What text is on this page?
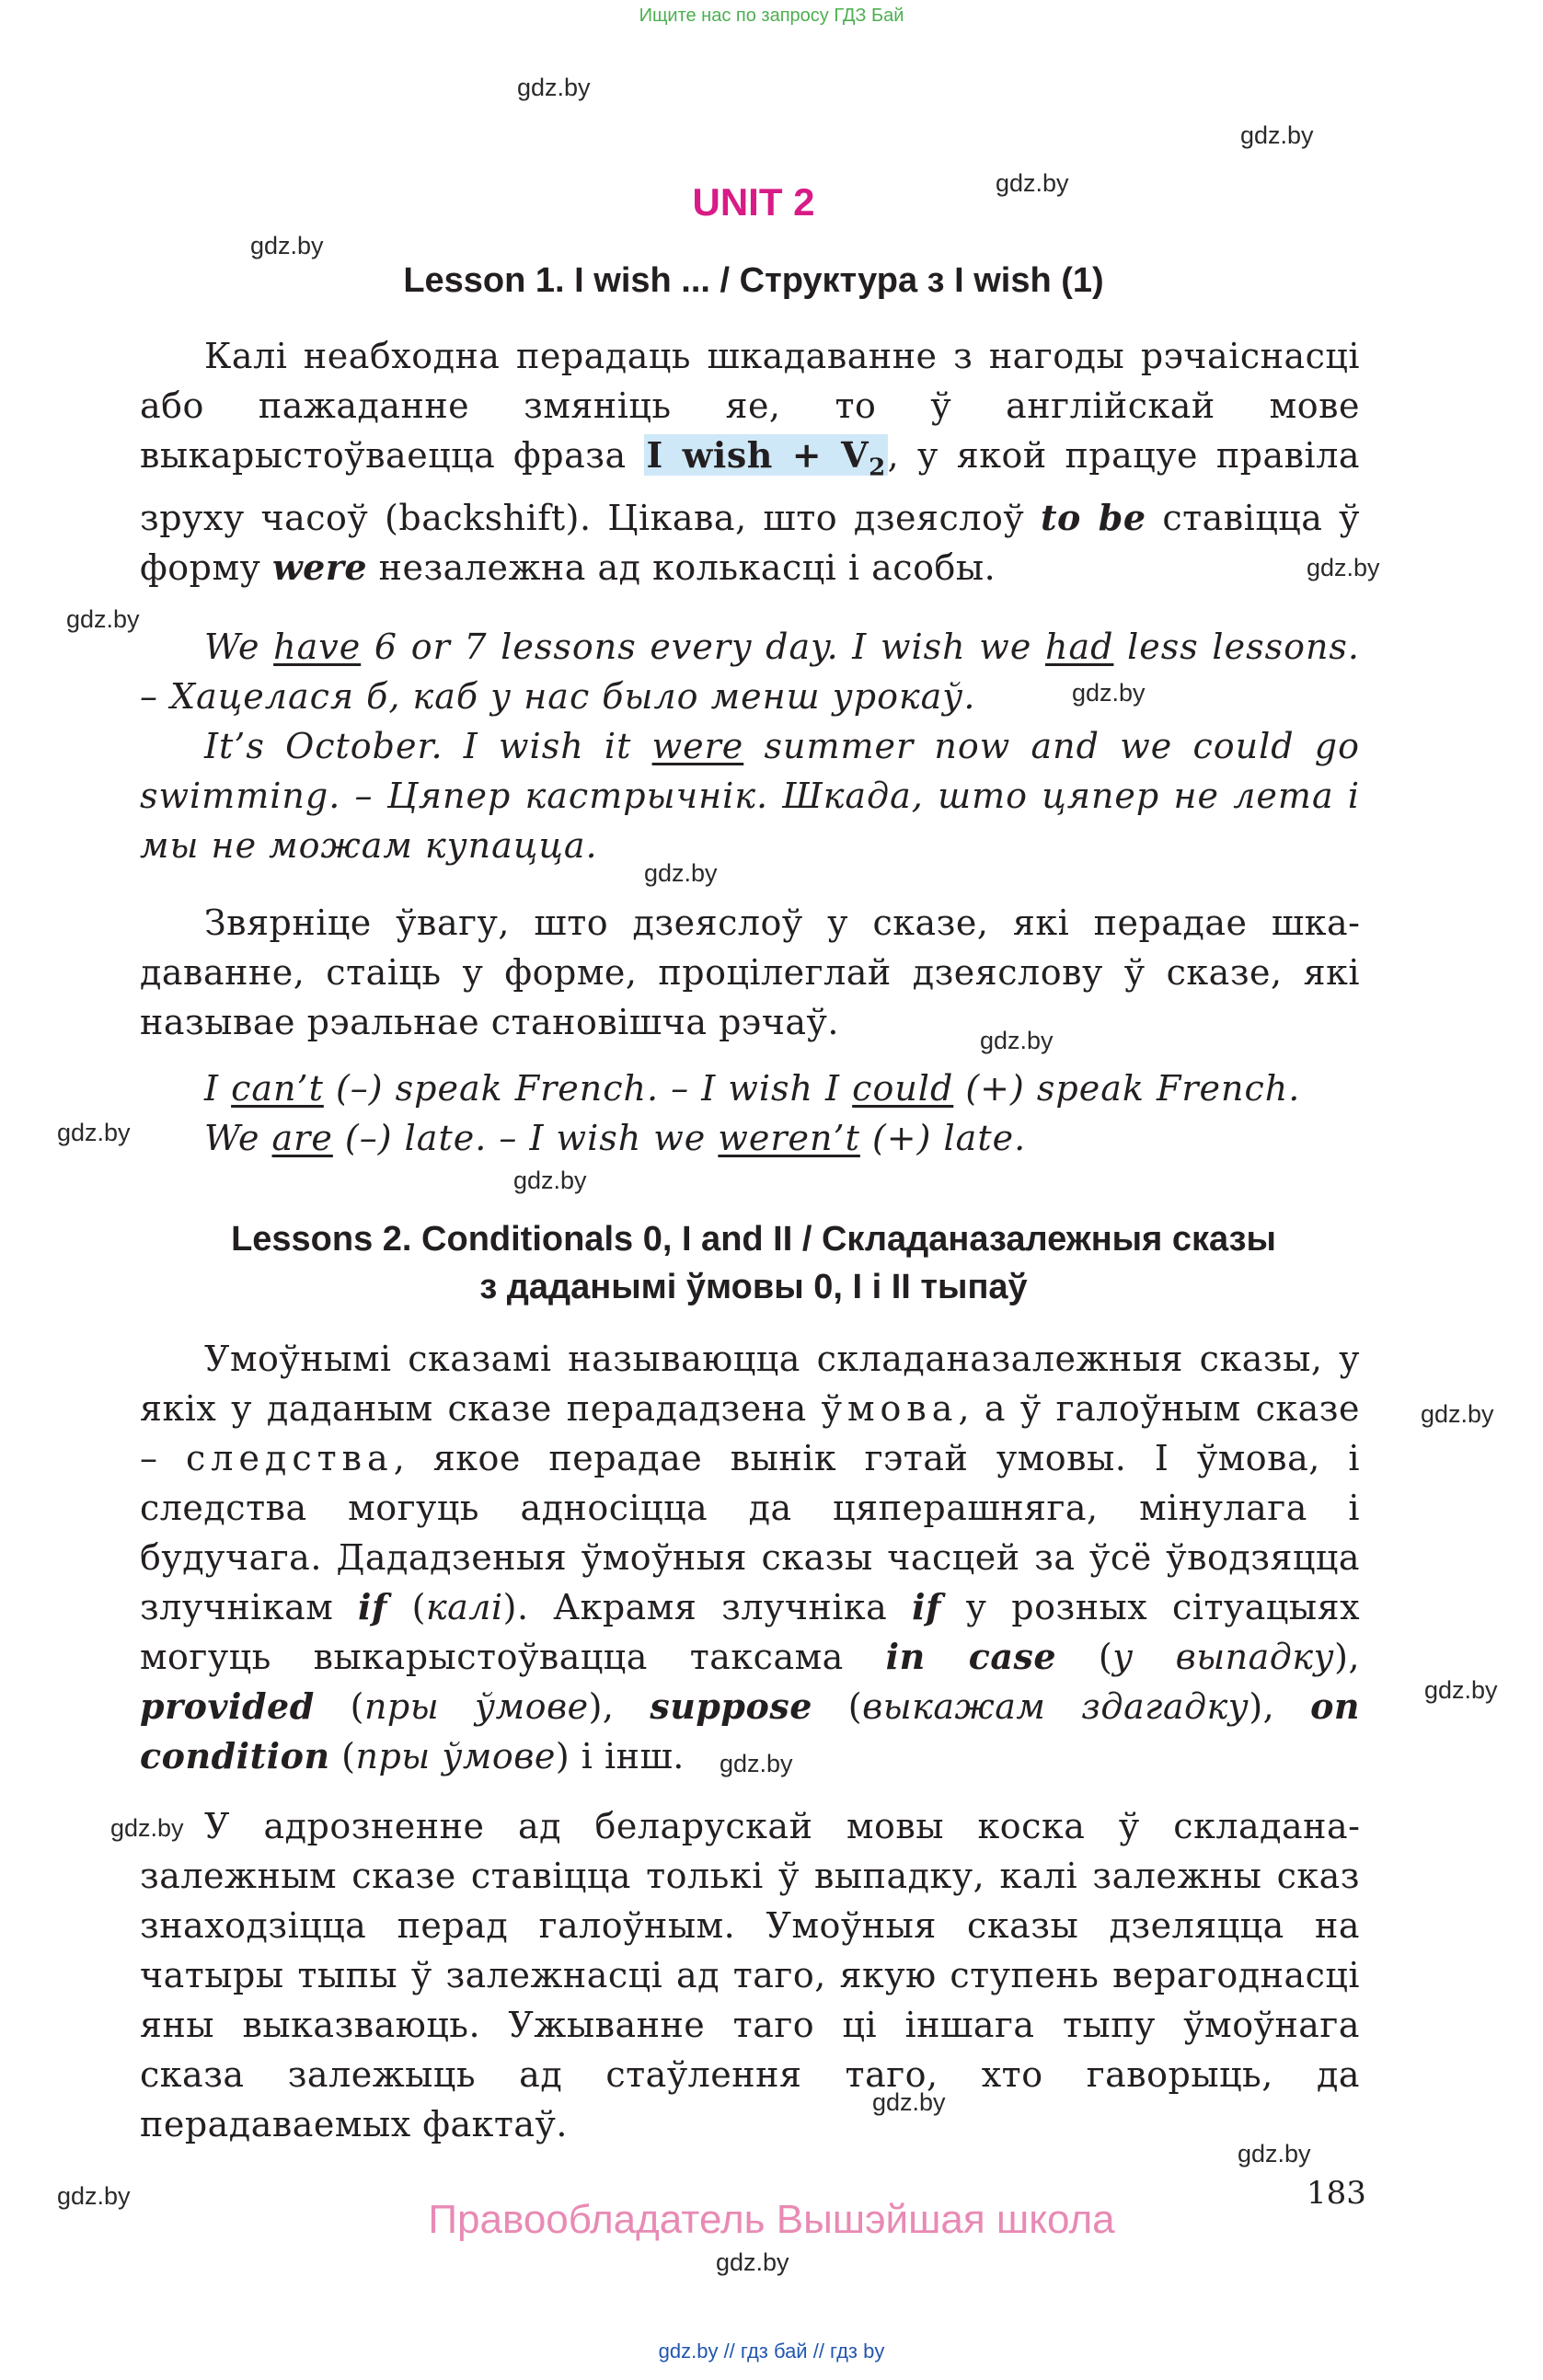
Ищите нас по запросу ГДЗ Бай
gdz.by
gdz.by
gdz.by
gdz.by
gdz.by
gdz.by
gdz.by
gdz.by
gdz.by
gdz.by
gdz.by
gdz.by
gdz.by
gdz.by
gdz.by
gdz.by
gdz.by
gdz.by
gdz.by
UNIT 2
Lesson 1. I wish ... / Структура з I wish (1)
Калі неабходна перадаць шкадаванне з нагоды рэчаіснасці або пажаданне змяніць яе, то ў англійскай мове выкарыстоўваецца фраза I wish + $V_2$, у якой працуе правіла зруху часоў (backshift). Цікава, што дзеяслоў to be ставіцца ў форму were незалежна ад колькасці і асобы.
We have 6 or 7 lessons every day. I wish we had less lessons. – Хацелася б, каб у нас было менш урокаў.
It’s October. I wish it were summer now and we could go swimming. – Цяпер кастрычнік. Шкада, што цяпер не лета і мы не можам купацца.
Звярніце ўвагу, што дзеяслоў у сказе, які перадае шкадаванне, стаіць у форме, процілеглай дзеяслову ў сказе, які называе рэальнае становішча рэчаў.
I can’t (–) speak French. – I wish I could (+) speak French.
We are (–) late. – I wish we weren’t (+) late.
Lessons 2. Conditionals 0, I and II / Складаназалежныя сказы
з даданымі ўмовы 0, I і II тыпаў
Умоўнымі сказамі называюцца складаназалежныя сказы, у якіх у даданым сказе перададзена ўмова, а ў галоўным сказе – следства, якое перадае вынік гэтай умовы. І ўмова, і следства могуць адносіцца да цяперашняга, мінулага і будучага. Дададзеныя ўмоўныя сказы часцей за ўсё ўводзяцца злучнікам if (калі). Акрамя злучніка if у розных сітуацыях могуць выкарыстоўвацца таксама in case (у выпадку), provided (пры ўмове), suppose (выкажам здагадку), on condition (пры ўмове) і інш.
У адрозненне ад беларускай мовы коска ў складаназалежным сказе ставіцца толькі ў выпадку, калі залежны сказ знаходзіцца перад галоўным. Умоўныя сказы дзеляцца на чатыры тыпы ў залежнасці ад таго, якую ступень верагоднасці яны выказваюць. Ужыванне таго ці іншага тыпу ўмоўнага сказа залежыць ад стаўлення таго, хто гаворыць, да перадаваемых фактаў.
183
Правообладатель Вышэйшая школа
gdz.by // гдз бай // гдз by
